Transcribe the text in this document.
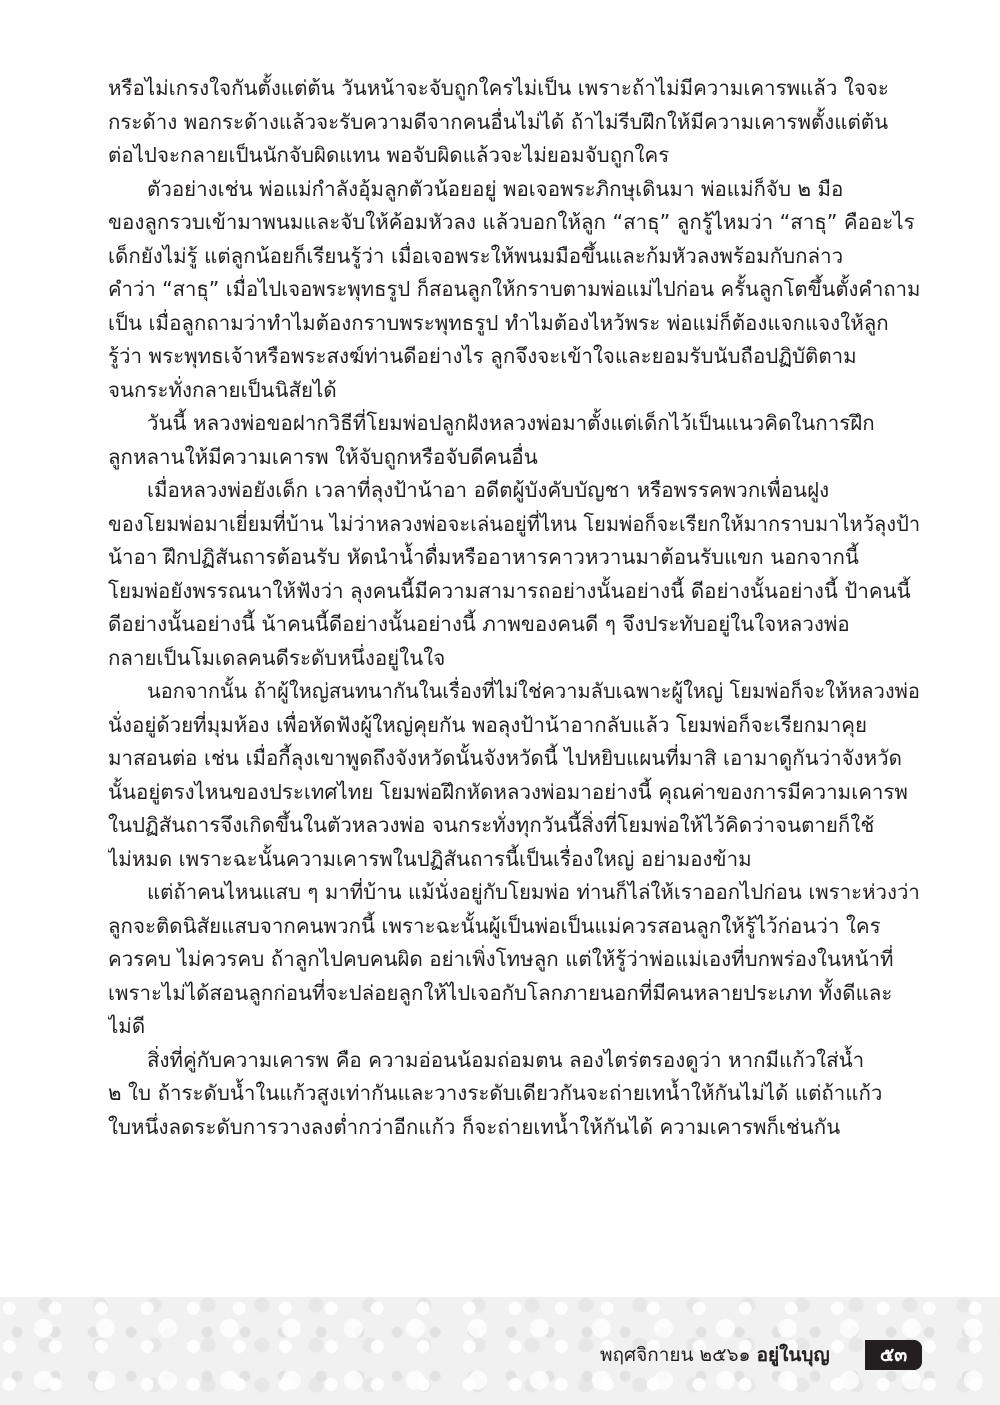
หรือไม่เกรงใจกันตั้งแต่ต้น วันหน้าจะจับถูกใครไม่เป็น เพราะถ้าไม่มีความเคารพแล้ว ใจจะ
กระด้าง พอกระด้างแล้วจะรับความดีจากคนอื่นไม่ได้ ถ้าไม่รีบฝึกให้มีความเคารพตั้งแต่ต้น
ต่อไปจะกลายเป็นนักจับผิดแทน พอจับผิดแล้วจะไม่ยอมจับถูกใคร
ตัวอย่างเช่น พ่อแม่กำลังอุ้มลูกตัวน้อยอยู่ พอเจอพระภิกษุเดินมา พ่อแม่ก็จับ ๒ มือ
ของลูกรวบเข้ามาพนมและจับให้ค้อมหัวลง แล้วบอกให้ลูก “สาธุ” ลูกรู้ไหมว่า “สาธุ” คืออะไร
เด็กยังไม่รู้ แต่ลูกน้อยก็เรียนรู้ว่า เมื่อเจอพระให้พนมมือขึ้นและก้มหัวลงพร้อมกับกล่าว
คำว่า “สาธุ” เมื่อไปเจอพระพุทธรูป ก็สอนลูกให้กราบตามพ่อแม่ไปก่อน ครั้นลูกโตขึ้นตั้งคำถาม
เป็น เมื่อลูกถามว่าทำไมต้องกราบพระพุทธรูป ทำไมต้องไหว้พระ พ่อแม่ก็ต้องแจกแจงให้ลูก
รู้ว่า พระพุทธเจ้าหรือพระสงฆ์ท่านดีอย่างไร ลูกจึงจะเข้าใจและยอมรับนับถือปฏิบัติตาม
จนกระทั่งกลายเป็นนิสัยได้
วันนี้ หลวงพ่อขอฝากวิธีที่โยมพ่อปลูกฝังหลวงพ่อมาตั้งแต่เด็กไว้เป็นแนวคิดในการฝึก
ลูกหลานให้มีความเคารพ ให้จับถูกหรือจับดีคนอื่น
เมื่อหลวงพ่อยังเด็ก เวลาที่ลุงป้าน้าอา อดีตผู้บังคับบัญชา หรือพรรคพวกเพื่อนฝูง
ของโยมพ่อมาเยี่ยมที่บ้าน ไม่ว่าหลวงพ่อจะเล่นอยู่ที่ไหน โยมพ่อก็จะเรียกให้มากราบมาไหว้ลุงป้า
น้าอา ฝึกปฏิสันถารต้อนรับ หัดนำน้ำดื่มหรืออาหารคาวหวานมาต้อนรับแขก นอกจากนี้
โยมพ่อยังพรรณนาให้ฟังว่า ลุงคนนี้มีความสามารถอย่างนั้นอย่างนี้ ดีอย่างนั้นอย่างนี้ ป้าคนนี้
ดีอย่างนั้นอย่างนี้ น้าคนนี้ดีอย่างนั้นอย่างนี้ ภาพของคนดี ๆ จึงประทับอยู่ในใจหลวงพ่อ
กลายเป็นโมเดลคนดีระดับหนึ่งอยู่ในใจ
นอกจากนั้น ถ้าผู้ใหญ่สนทนากันในเรื่องที่ไม่ใช่ความลับเฉพาะผู้ใหญ่ โยมพ่อก็จะให้หลวงพ่อ
นั่งอยู่ด้วยที่มุมห้อง เพื่อหัดฟังผู้ใหญ่คุยกัน พอลุงป้าน้าอากลับแล้ว โยมพ่อก็จะเรียกมาคุย
มาสอนต่อ เช่น เมื่อกี้ลุงเขาพูดถึงจังหวัดนั้นจังหวัดนี้ ไปหยิบแผนที่มาสิ เอามาดูกันว่าจังหวัด
นั้นอยู่ตรงไหนของประเทศไทย โยมพ่อฝึกหัดหลวงพ่อมาอย่างนี้ คุณค่าของการมีความเคารพ
ในปฏิสันถารจึงเกิดขึ้นในตัวหลวงพ่อ จนกระทั่งทุกวันนี้สิ่งที่โยมพ่อให้ไว้คิดว่าจนตายก็ใช้
ไม่หมด เพราะฉะนั้นความเคารพในปฏิสันถารนี้เป็นเรื่องใหญ่ อย่ามองข้าม
แต่ถ้าคนไหนแสบ ๆ มาที่บ้าน แม้นั่งอยู่กับโยมพ่อ ท่านก็ไล่ให้เราออกไปก่อน เพราะห่วงว่า
ลูกจะติดนิสัยแสบจากคนพวกนี้ เพราะฉะนั้นผู้เป็นพ่อเป็นแม่ควรสอนลูกให้รู้ไว้ก่อนว่า ใคร
ควรคบ ไม่ควรคบ ถ้าลูกไปคบคนผิด อย่าเพิ่งโทษลูก แต่ให้รู้ว่าพ่อแม่เองที่บกพร่องในหน้าที่
เพราะไม่ได้สอนลูกก่อนที่จะปล่อยลูกให้ไปเจอกับโลกภายนอกที่มีคนหลายประเภท ทั้งดีและ
ไม่ดี
สิ่งที่คู่กับความเคารพ คือ ความอ่อนน้อมถ่อมตน ลองไตร่ตรองดูว่า หากมีแก้วใส่น้ำ
๒ ใบ ถ้าระดับน้ำในแก้วสูงเท่ากันและวางระดับเดียวกันจะถ่ายเทน้ำให้กันไม่ได้ แต่ถ้าแก้ว
ใบหนึ่งลดระดับการวางลงต่ำกว่าอีกแก้ว ก็จะถ่ายเทน้ำให้กันได้ ความเคารพก็เช่นกัน
พฤศจิกายน ๒๕๖๑ อยู่ในบุญ	๕๓
